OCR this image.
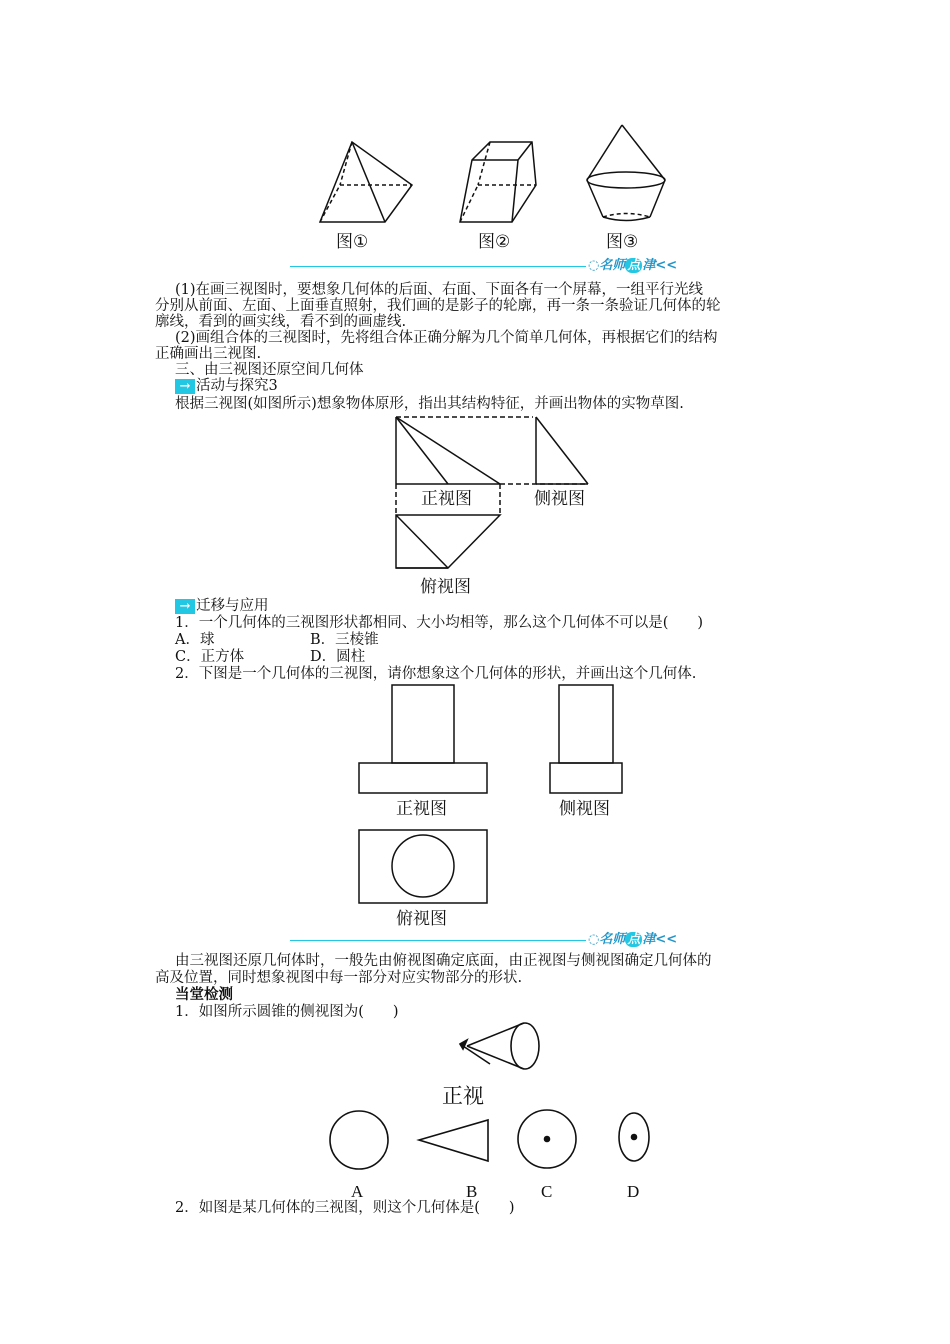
图①	图②	图③
◌名师 点 津<<
(1)在画三视图时，要想象几何体的后面、右面、下面各有一个屏幕，一组平行光线
分别从前面、左面、上面垂直照射，我们画的是影子的轮廓，再一条一条验证几何体的轮
廓线，看到的画实线，看不到的画虚线.
(2)画组合体的三视图时，先将组合体正确分解为几个简单几何体，再根据它们的结构
正确画出三视图.
三、由三视图还原空间几何体
→ 活动与探究3
根据三视图(如图所示)想象物体原形，指出其结构特征，并画出物体的实物草图.
正视图	侧视图
俯视图
→ 迁移与应用
1．一个几何体的三视图形状都相同、大小均相等，那么这个几何体不可以是(　　)
A．球	B．三棱锥
C．正方体	D．圆柱
2．下图是一个几何体的三视图，请你想象这个几何体的形状，并画出这个几何体.
正视图	侧视图
俯视图
◌名师 点 津<<
由三视图还原几何体时，一般先由俯视图确定底面，由正视图与侧视图确定几何体的
高及位置，同时想象视图中每一部分对应实物部分的形状.
当堂检测
1．如图所示圆锥的侧视图为(　　)
正视
A	B	C	D
2．如图是某几何体的三视图，则这个几何体是(　　)
